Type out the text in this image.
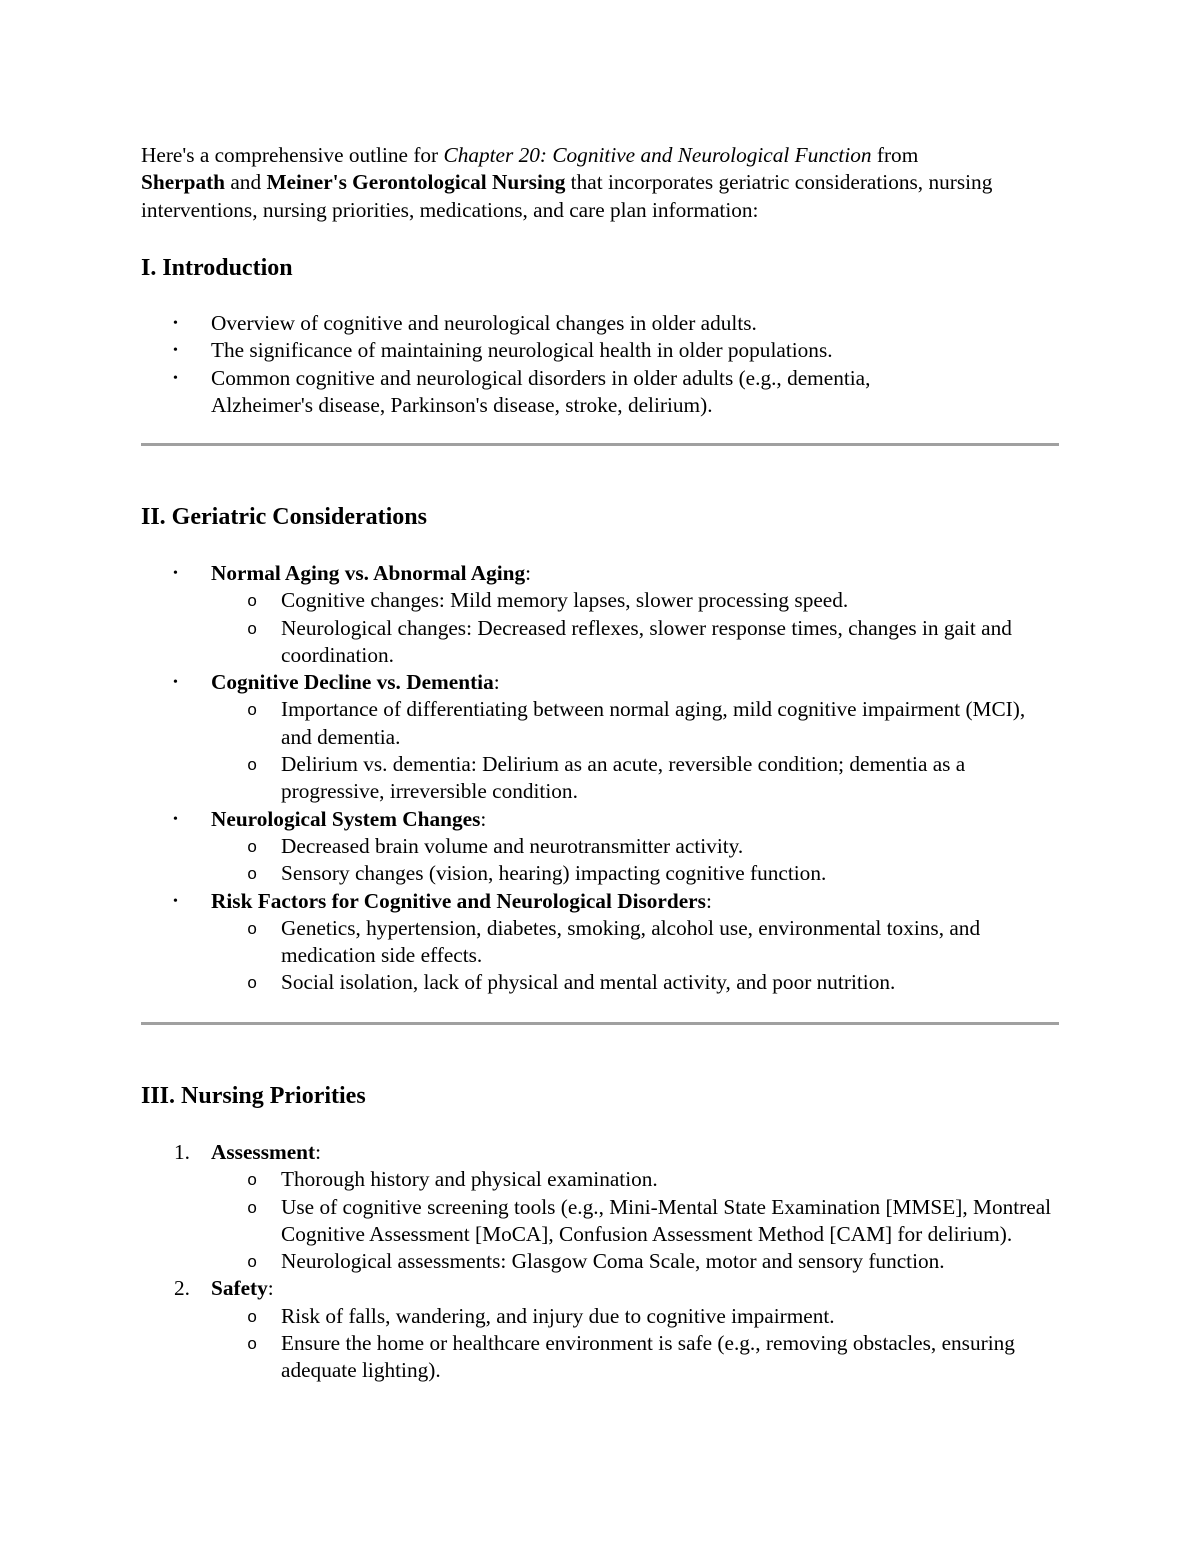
Here's a comprehensive outline for Chapter 20: Cognitive and Neurological Function from
Sherpath and Meiner's Gerontological Nursing that incorporates geriatric considerations, nursing interventions, nursing priorities, medications, and care plan information:

I. Introduction
• Overview of cognitive and neurological changes in older adults.
• The significance of maintaining neurological health in older populations.
• Common cognitive and neurological disorders in older adults (e.g., dementia, Alzheimer's disease, Parkinson's disease, stroke, delirium).
II. Geriatric Considerations
• Normal Aging vs. Abnormal Aging:
o Cognitive changes: Mild memory lapses, slower processing speed.
o Neurological changes: Decreased reflexes, slower response times, changes in gait and coordination.
• Cognitive Decline vs. Dementia:
o Importance of differentiating between normal aging, mild cognitive impairment (MCI), and dementia.
o Delirium vs. dementia: Delirium as an acute, reversible condition; dementia as a progressive, irreversible condition.
• Neurological System Changes:
o Decreased brain volume and neurotransmitter activity.
o Sensory changes (vision, hearing) impacting cognitive function.
• Risk Factors for Cognitive and Neurological Disorders:
o Genetics, hypertension, diabetes, smoking, alcohol use, environmental toxins, and medication side effects.
o Social isolation, lack of physical and mental activity, and poor nutrition.
III. Nursing Priorities
1. Assessment:
o Thorough history and physical examination.
o Use of cognitive screening tools (e.g., Mini-Mental State Examination [MMSE], Montreal Cognitive Assessment [MoCA], Confusion Assessment Method [CAM] for delirium).
o Neurological assessments: Glasgow Coma Scale, motor and sensory function.
2. Safety:
o Risk of falls, wandering, and injury due to cognitive impairment.
o Ensure the home or healthcare environment is safe (e.g., removing obstacles, ensuring adequate lighting).
